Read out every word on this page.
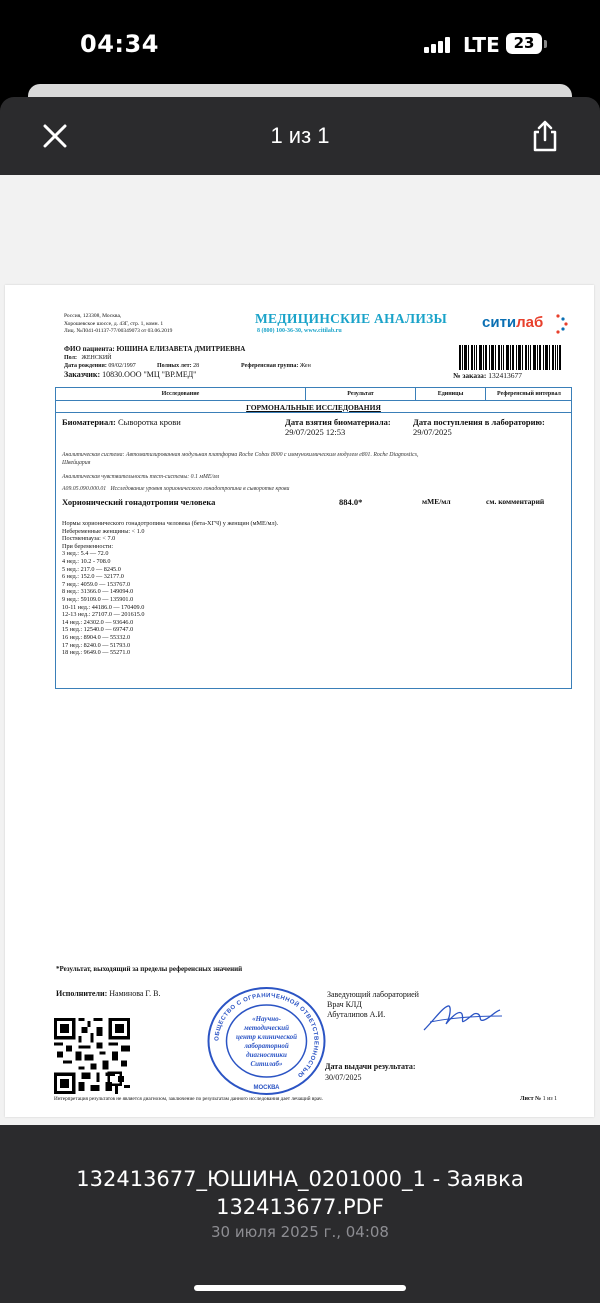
04:34	LTE 23
1 из 1
Россия, 123308, Москва,
Хорошевское шоссе, д. 43Г, стр. 1, комн. 1
Лиц. №Л041-01137-77/00349073 от 03.06.2019
МЕДИЦИНСКИЕ АНАЛИЗЫ
8 (800) 100-36-30, www.citilab.ru	ситилаб
ФИО пациента: ЮШИНА ЕЛИЗАВЕТА ДМИТРИЕВНА
Пол: ЖЕНСКИЙ
Дата рождения: 09/02/1997	Полных лет: 28	Референсная группа: Жен
Заказчик: 10830.ООО "МЦ "ВР.МЕД"	№ заказа: 132413677
Исследование	Результат	Единицы	Референсный интервал
ГОРМОНАЛЬНЫЕ ИССЛЕДОВАНИЯ
Биоматериал: Сыворотка крови	Дата взятия биоматериала:
29/07/2025 12:53
Дата поступления в лабораторию:
29/07/2025
Аналитическая система: Автоматизированная модульная платформа Roche Cobas 8000 с иммунохимическим модулем e801. Roche Diagnostics,
Швейцария
Аналитическая чувствительность тест-системы: 0.1 мМЕ/мл
A09.05.090.000.01 Исследование уровня хорионического гонадотропина в сыворотке крови
Хорионический гонадотропин человека	884.0*	мМЕ/мл	см. комментарий
Нормы хорионического гонадотропина человека (бета-ХГЧ) у женщин (мМЕ/мл).
Небеременные женщины: < 1.0
Постменпауза: < 7.0
При беременности:
3 нед.: 5.4 — 72.0
4 нед.: 10.2 - 708.0
5 нед.: 217.0 — 8245.0
6 нед.: 152.0 — 32177.0
7 нед.: 4059.0 — 153767.0
8 нед.: 31366.0 — 149094.0
9 нед.: 59109.0 — 135901.0
10-11 нед.: 44186.0 — 170409.0
12-13 нед.: 27107.0 — 201615.0
14 нед.: 24302.0 — 93646.0
15 нед.: 12540.0 — 69747.0
16 нед.: 8904.0 — 55332.0
17 нед.: 8240.0 — 51793.0
18 нед.: 9649.0 — 55271.0
*Результат, выходящий за пределы референсных значений
Исполнители: Наминова Г. В.
ОБЩЕСТВО С ОГРАНИЧЕННОЙ ОТВЕТСТВЕННОСТЬЮ
МОСКВА
«Научно-
методический
центр клинической
лабораторной
диагностики
Ситилаб»
Заведующий лабораторией
Врач КЛД
Абуталипов А.И.
Дата выдачи результата:
30/07/2025
Интерпретация результатов не является диагнозом, заключение по результатам данного исследования дает лечащий врач.	Лист № 1 из 1
132413677_ЮШИНА_0201000_1 - Заявка
132413677.PDF
30 июля 2025 г., 04:08
